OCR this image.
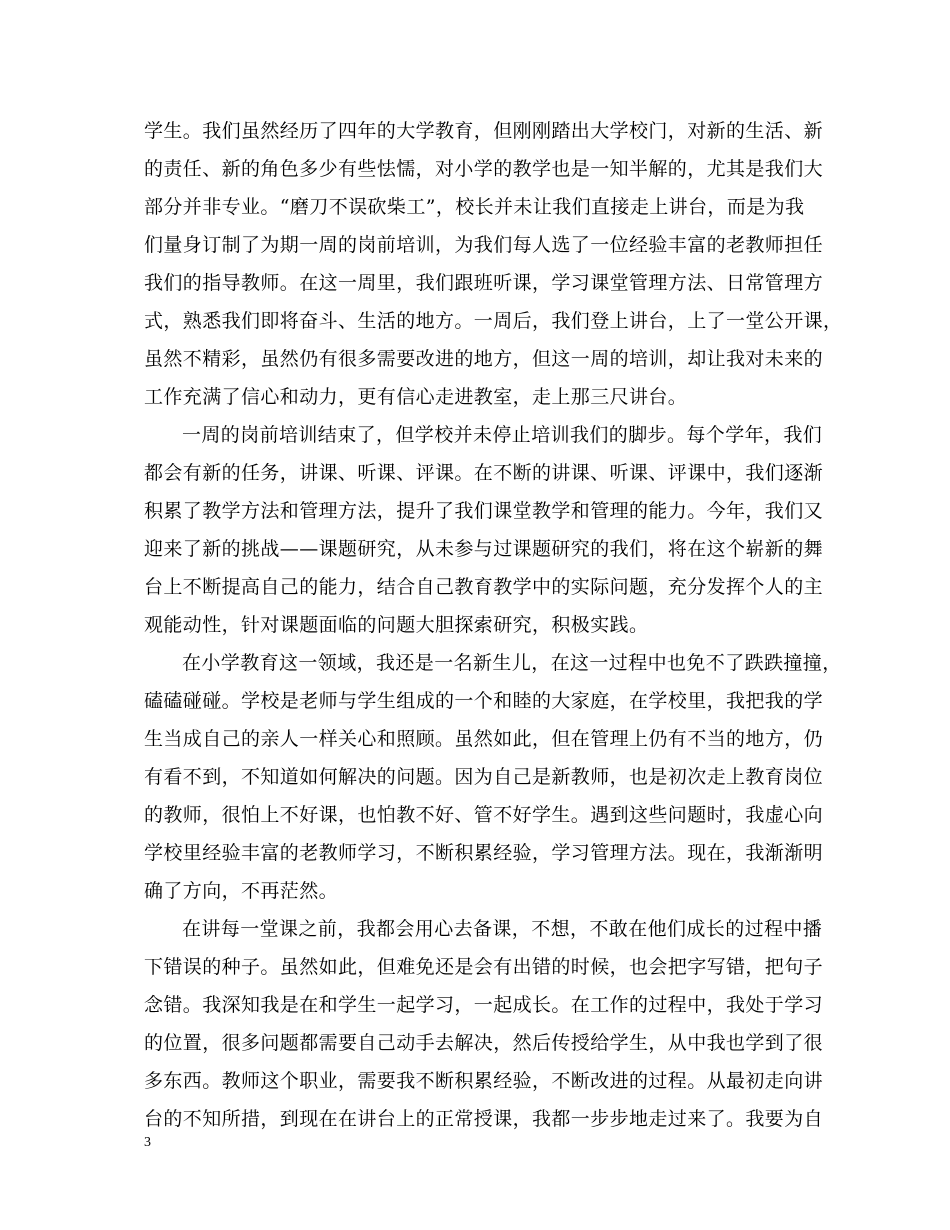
学生。我们虽然经历了四年的大学教育，但刚刚踏出大学校门，对新的生活、新
的责任、新的角色多少有些怯懦，对小学的教学也是一知半解的，尤其是我们大
部分并非专业。“磨刀不误砍柴工”，校长并未让我们直接走上讲台，而是为我
们量身订制了为期一周的岗前培训，为我们每人选了一位经验丰富的老教师担任
我们的指导教师。在这一周里，我们跟班听课，学习课堂管理方法、日常管理方
式，熟悉我们即将奋斗、生活的地方。一周后，我们登上讲台，上了一堂公开课，
虽然不精彩，虽然仍有很多需要改进的地方，但这一周的培训，却让我对未来的
工作充满了信心和动力，更有信心走进教室，走上那三尺讲台。
一周的岗前培训结束了，但学校并未停止培训我们的脚步。每个学年，我们
都会有新的任务，讲课、听课、评课。在不断的讲课、听课、评课中，我们逐渐
积累了教学方法和管理方法，提升了我们课堂教学和管理的能力。今年，我们又
迎来了新的挑战——课题研究，从未参与过课题研究的我们，将在这个崭新的舞
台上不断提高自己的能力，结合自己教育教学中的实际问题，充分发挥个人的主
观能动性，针对课题面临的问题大胆探索研究，积极实践。
在小学教育这一领域，我还是一名新生儿，在这一过程中也免不了跌跌撞撞，
磕磕碰碰。学校是老师与学生组成的一个和睦的大家庭，在学校里，我把我的学
生当成自己的亲人一样关心和照顾。虽然如此，但在管理上仍有不当的地方，仍
有看不到，不知道如何解决的问题。因为自己是新教师，也是初次走上教育岗位
的教师，很怕上不好课，也怕教不好、管不好学生。遇到这些问题时，我虚心向
学校里经验丰富的老教师学习，不断积累经验，学习管理方法。现在，我渐渐明
确了方向，不再茫然。
在讲每一堂课之前，我都会用心去备课，不想，不敢在他们成长的过程中播
下错误的种子。虽然如此，但难免还是会有出错的时候，也会把字写错，把句子
念错。我深知我是在和学生一起学习，一起成长。在工作的过程中，我处于学习
的位置，很多问题都需要自己动手去解决，然后传授给学生，从中我也学到了很
多东西。教师这个职业，需要我不断积累经验，不断改进的过程。从最初走向讲
台的不知所措，到现在在讲台上的正常授课，我都一步步地走过来了。我要为自
3
